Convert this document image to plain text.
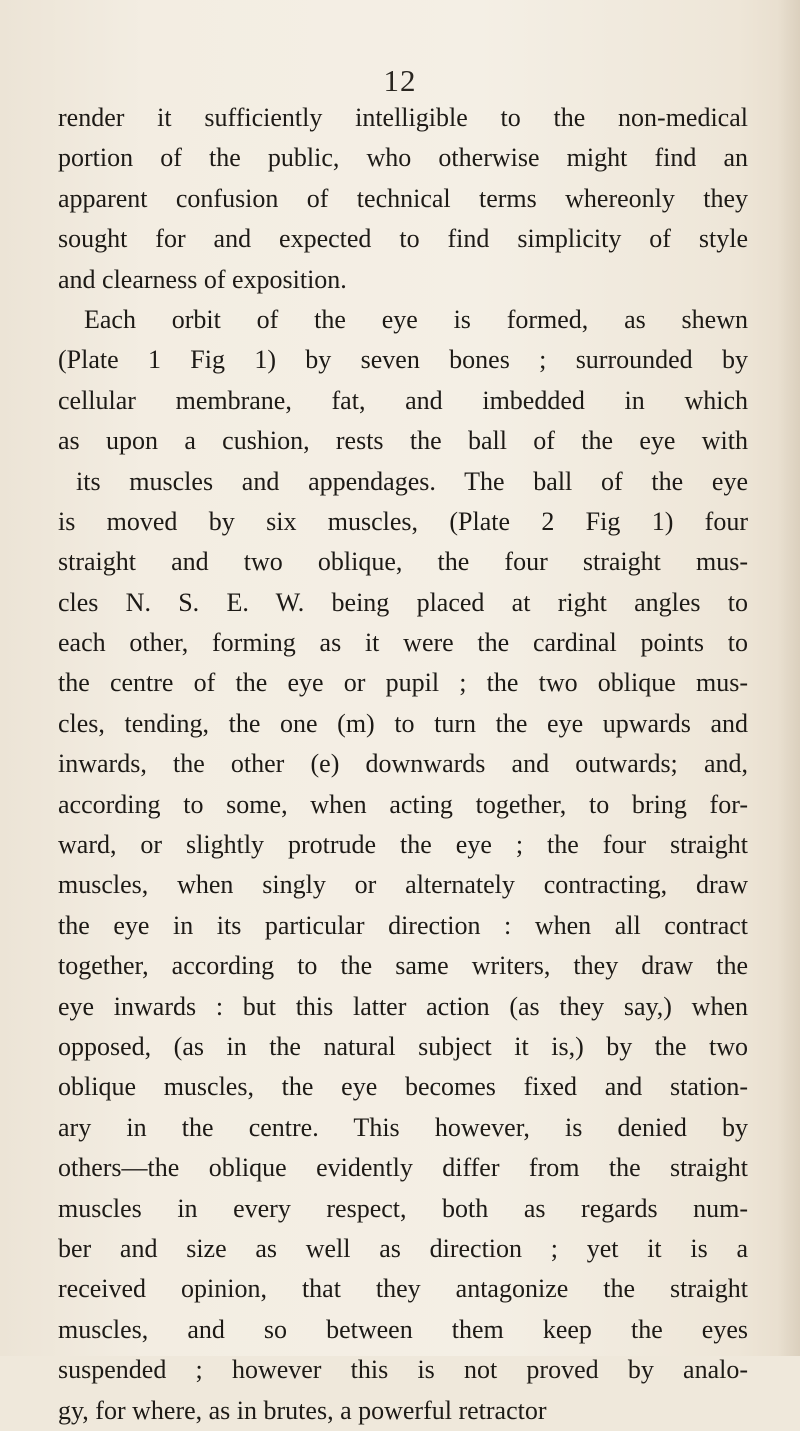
12
render it sufficiently intelligible to the non-medical
portion of the public, who otherwise might find an
apparent confusion of technical terms whereonly they
sought for and expected to find simplicity of style
and clearness of exposition.
Each orbit of the eye is formed, as shewn
(Plate 1 Fig 1) by seven bones ; surrounded by
cellular membrane, fat, and imbedded in which
as upon a cushion, rests the ball of the eye with
its muscles and appendages. The ball of the eye
is moved by six muscles, (Plate 2 Fig 1) four
straight and two oblique, the four straight mus-
cles N. S. E. W. being placed at right angles to
each other, forming as it were the cardinal points to
the centre of the eye or pupil ; the two oblique mus-
cles, tending, the one (m) to turn the eye upwards and
inwards, the other (e) downwards and outwards; and,
according to some, when acting together, to bring for-
ward, or slightly protrude the eye ; the four straight
muscles, when singly or alternately contracting, draw
the eye in its particular direction : when all contract
together, according to the same writers, they draw the
eye inwards : but this latter action (as they say,) when
opposed, (as in the natural subject it is,) by the two
oblique muscles, the eye becomes fixed and station-
ary in the centre. This however, is denied by
others—the oblique evidently differ from the straight
muscles in every respect, both as regards num-
ber and size as well as direction ; yet it is a
received opinion, that they antagonize the straight
muscles, and so between them keep the eyes
suspended ; however this is not proved by analo-
gy, for where, as in brutes, a powerful retractor
